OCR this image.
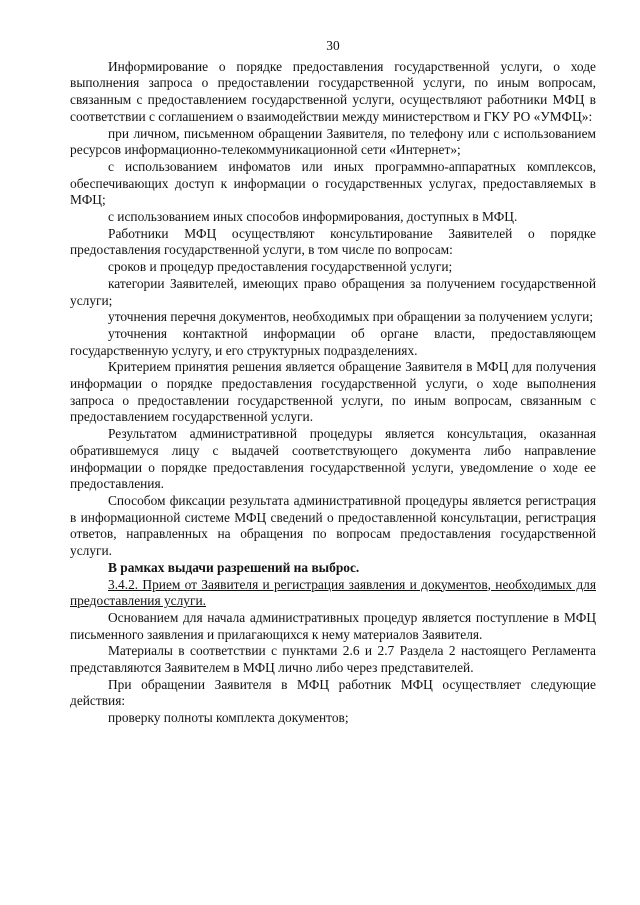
30

Информирование о порядке предоставления государственной услуги, о ходе выполнения запроса о предоставлении государственной услуги, по иным вопросам, связанным с предоставлением государственной услуги, осуществляют работники МФЦ в соответствии с соглашением о взаимодействии между министерством и ГКУ РО «УМФЦ»:

при личном, письменном обращении Заявителя, по телефону или с использованием ресурсов информационно-телекоммуникационной сети «Интернет»;

с использованием инфоматов или иных программно-аппаратных комплексов, обеспечивающих доступ к информации о государственных услугах, предоставляемых в МФЦ;

с использованием иных способов информирования, доступных в МФЦ.

Работники МФЦ осуществляют консультирование Заявителей о порядке предоставления государственной услуги, в том числе по вопросам:

сроков и процедур предоставления государственной услуги;

категории Заявителей, имеющих право обращения за получением государственной услуги;

уточнения перечня документов, необходимых при обращении за получением услуги;

уточнения контактной информации об органе власти, предоставляющем государственную услугу, и его структурных подразделениях.

Критерием принятия решения является обращение Заявителя в МФЦ для получения информации о порядке предоставления государственной услуги, о ходе выполнения запроса о предоставлении государственной услуги, по иным вопросам, связанным с предоставлением государственной услуги.

Результатом административной процедуры является консультация, оказанная обратившемуся лицу с выдачей соответствующего документа либо направление информации о порядке предоставления государственной услуги, уведомление о ходе ее предоставления.

Способом фиксации результата административной процедуры является регистрация в информационной системе МФЦ сведений о предоставленной консультации, регистрация ответов, направленных на обращения по вопросам предоставления государственной услуги.

В рамках выдачи разрешений на выброс.

3.4.2. Прием от Заявителя и регистрация заявления и документов, необходимых для предоставления услуги.

Основанием для начала административных процедур является поступление в МФЦ письменного заявления и прилагающихся к нему материалов Заявителя.

Материалы в соответствии с пунктами 2.6 и 2.7 Раздела 2 настоящего Регламента представляются Заявителем в МФЦ лично либо через представителей.

При обращении Заявителя в МФЦ работник МФЦ осуществляет следующие действия:

проверку полноты комплекта документов;
